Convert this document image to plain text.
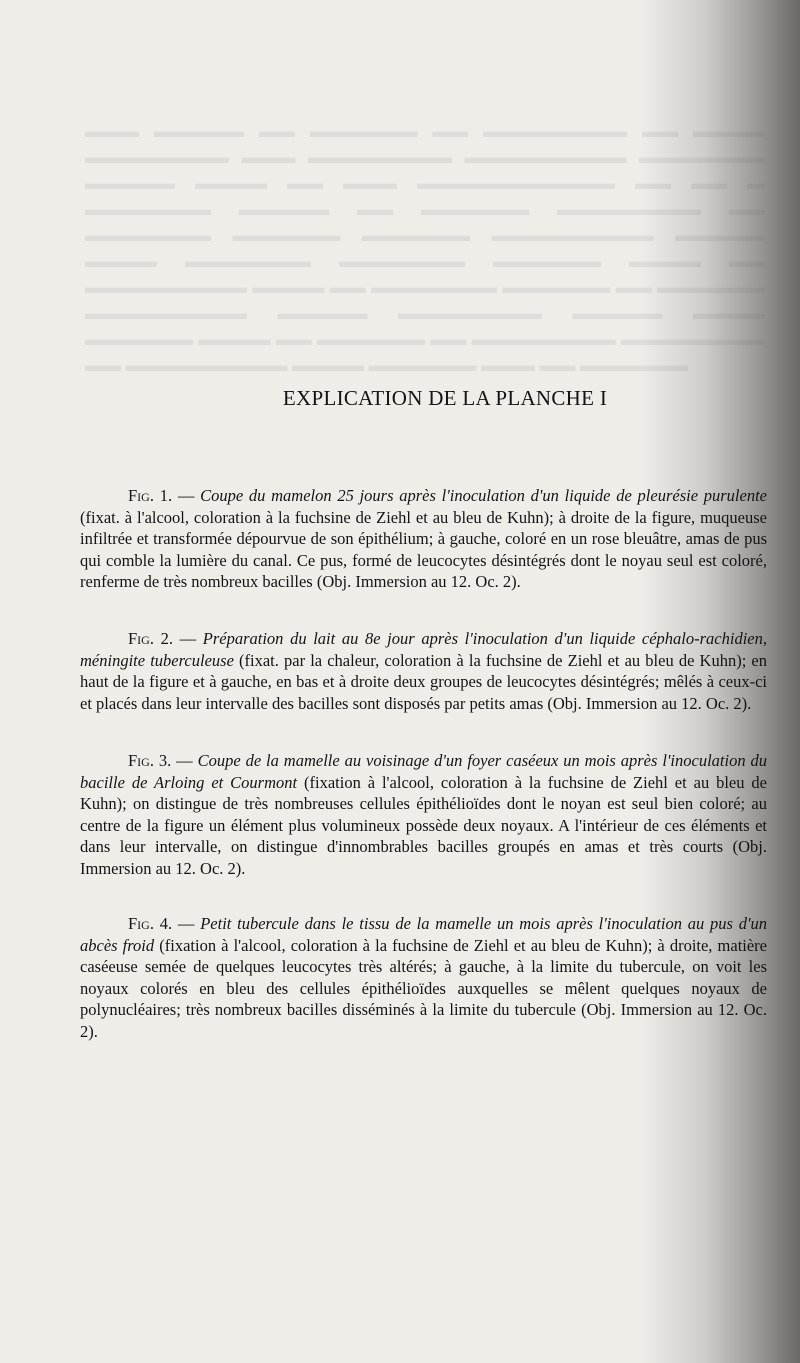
▬▬▬ ▬▬▬▬▬ ▬▬ ▬▬▬▬▬▬ ▬▬ ▬▬▬▬▬▬▬▬ ▬▬ ▬▬▬▬ ▬▬▬▬▬▬▬▬ ▬▬▬ ▬▬▬▬▬▬▬▬ ▬▬▬▬▬▬▬▬▬ ▬▬▬▬▬▬▬ ▬▬▬▬▬ ▬▬▬▬ ▬▬ ▬▬▬ ▬▬▬▬▬▬▬▬▬▬▬ ▬▬ ▬▬ ▬ ▬▬▬▬▬▬▬ ▬▬▬▬▬ ▬▬ ▬▬▬▬▬▬ ▬▬▬▬▬▬▬▬ ▬▬ ▬▬▬▬▬▬▬ ▬▬▬▬▬▬ ▬▬▬▬▬▬ ▬▬▬▬▬▬▬▬▬ ▬▬▬▬▬ ▬▬▬▬ ▬▬▬▬▬▬▬ ▬▬▬▬▬▬▬ ▬▬▬▬▬▬ ▬▬▬▬ ▬▬ ▬▬▬▬▬▬▬▬▬ ▬▬▬▬ ▬▬ ▬▬▬▬▬▬▬ ▬▬▬▬▬▬ ▬▬ ▬▬▬▬▬▬ ▬▬▬▬▬▬▬▬▬ ▬▬▬▬▬ ▬▬▬▬▬▬▬▬ ▬▬▬▬▬ ▬▬▬▬ ▬▬▬▬▬▬ ▬▬▬▬ ▬▬ ▬▬▬▬▬▬ ▬▬ ▬▬▬▬▬▬▬▬ ▬▬▬▬▬▬▬▬ ▬▬ ▬▬▬▬▬▬▬▬▬ ▬▬▬▬ ▬▬▬▬▬▬ ▬▬▬ ▬▬ ▬▬▬▬▬▬
EXPLICATION DE LA PLANCHE I

Fig. 1. — Coupe du mamelon 25 jours après l'inoculation d'un liquide de pleurésie purulente (fixat. à l'alcool, coloration à la fuchsine de Ziehl et au bleu de Kuhn); à droite de la figure, muqueuse infiltrée et transformée dépourvue de son épithélium; à gauche, coloré en un rose bleuâtre, amas de pus qui comble la lumière du canal. Ce pus, formé de leucocytes désintégrés dont le noyau seul est coloré, renferme de très nombreux bacilles (Obj. Immersion au 12. Oc. 2).

Fig. 2. — Préparation du lait au 8e jour après l'inoculation d'un liquide céphalo-rachidien, méningite tuberculeuse (fixat. par la chaleur, coloration à la fuchsine de Ziehl et au bleu de Kuhn); en haut de la figure et à gauche, en bas et à droite deux groupes de leucocytes désintégrés; mêlés à ceux-ci et placés dans leur intervalle des bacilles sont disposés par petits amas (Obj. Immersion au 12. Oc. 2).

Fig. 3. — Coupe de la mamelle au voisinage d'un foyer caséeux un mois après l'inoculation du bacille de Arloing et Courmont (fixation à l'alcool, coloration à la fuchsine de Ziehl et au bleu de Kuhn); on distingue de très nombreuses cellules épithélioïdes dont le noyan est seul bien coloré; au centre de la figure un élément plus volumineux possède deux noyaux. A l'intérieur de ces éléments et dans leur intervalle, on distingue d'innombrables bacilles groupés en amas et très courts (Obj. Immersion au 12. Oc. 2).

Fig. 4. — Petit tubercule dans le tissu de la mamelle un mois après l'inoculation au pus d'un abcès froid (fixation à l'alcool, coloration à la fuchsine de Ziehl et au bleu de Kuhn); à droite, matière caséeuse semée de quelques leucocytes très altérés; à gauche, à la limite du tubercule, on voit les noyaux colorés en bleu des cellules épithélioïdes auxquelles se mêlent quelques noyaux de polynucléaires; très nombreux bacilles disséminés à la limite du tubercule (Obj. Immersion au 12. Oc. 2).
